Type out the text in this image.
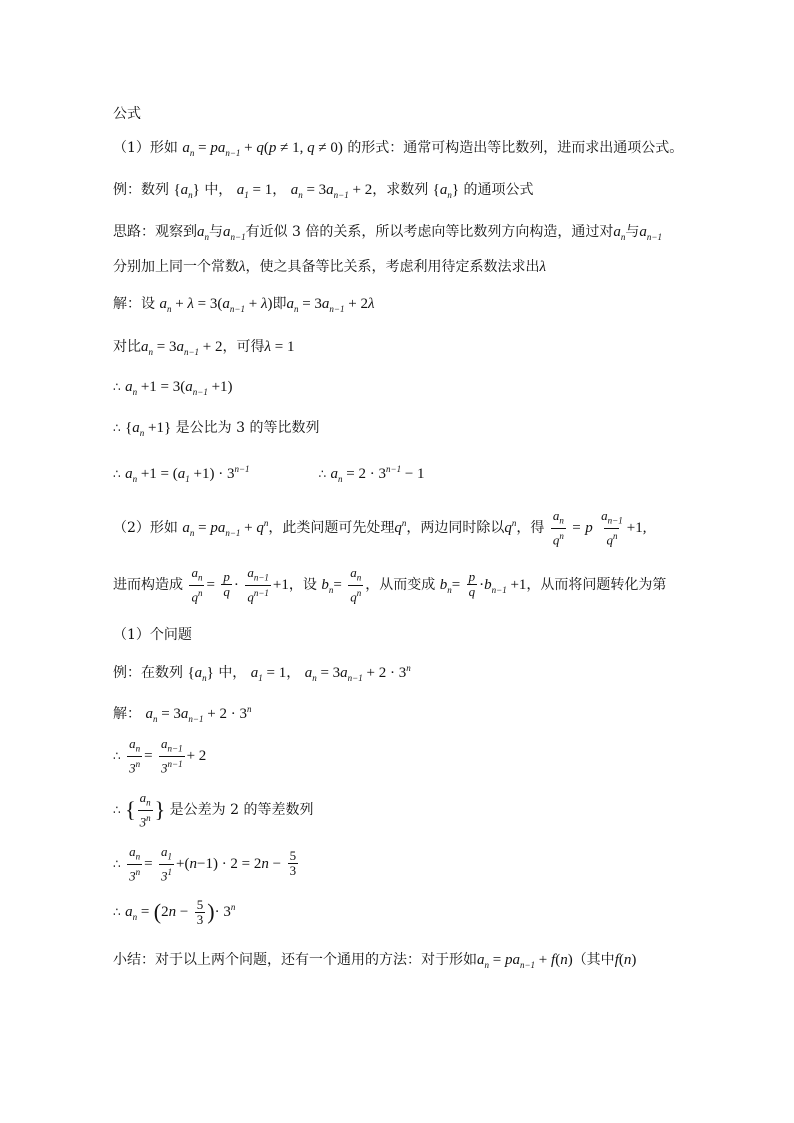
公式
（1）形如 $a_n = pa_{n-1} + q(p \ne 1$, q ≠ 0) 的形式：通常可构造出等比数列，进而求出通项公式。
例：数列 $\{a_n\}$ 中， $a_1 = 1$， $a_n = 3a_{n-1} + 2$，求数列 $\{a_n\}$ 的通项公式
思路：观察到$a_n$与$a_{n-1}$有近似 3 倍的关系，所以考虑向等比数列方向构造，通过对$a_n$与$a_{n-1}$
分别加上同一个常数λ，使之具备等比关系，考虑利用待定系数法求出λ
解：设 $a_n + \lambda = 3(a_{n-1} + \lambda)$即$a_n = 3a_{n-1} + 2\lambda$
对比$a_n = 3a_{n-1} + 2$，可得λ = 1
∴ $a_n +1 = 3(a_{n-1} +1)$
∴ $\{a_n +1\}$ 是公比为 3 的等比数列
∴ $a_n +1 = (a_1 +1) \cdot 3^{n-1}$	∴ $a_n = 2 \cdot 3^{n-1} - 1$
（2）形如 $a_n = pa_{n-1} + q^n$，此类问题可先处理$q^n$，两边同时除以$q^n$，得 $\frac{a_n}{q^n} = p \frac{a_{n-1}}{q^n} +1$,
进而构造成 $\frac{a_n}{q^n} = \frac{p}{q} \cdot \frac{a_{n-1}}{q^{n-1}} +1$，设 $b_n= \frac{a_n}{q^n}$ ，从而变成 $b_n= \frac{p}{q} \cdot b_{n-1} +1$，从而将问题转化为第
（1）个问题
例：在数列 $\{a_n\}$ 中， $a_1 = 1$， $a_n = 3a_{n-1} + 2 \cdot 3^n$
解： $a_n = 3a_{n-1} + 2 \cdot 3^n$
∴ $\frac{a_n}{3^n} = \frac{a_{n-1}}{3^{n-1}} + 2$
∴ { $\frac{a_n}{3^n}$ } 是公差为 2 的等差数列
∴ $\frac{a_n}{3^n} = \frac{a_1}{3^1} +(n-1) \cdot 2 = 2n - \frac{5}{3}$
∴ $a_n = (2n - \frac{5}{3}$ )· $3^n$
小结：对于以上两个问题，还有一个通用的方法：对于形如$a_n = pa_{n-1} + f(n)$（其中f(n)
